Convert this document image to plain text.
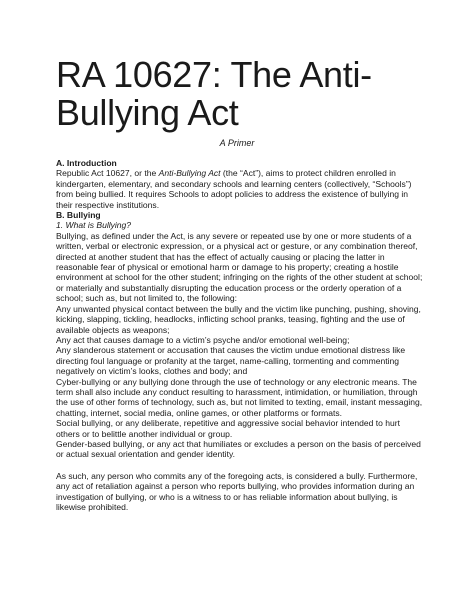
RA 10627: The Anti-Bullying Act

A Primer

A. Introduction

Republic Act 10627, or the Anti-Bullying Act (the “Act”), aims to protect children enrolled in kindergarten, elementary, and secondary schools and learning centers (collectively, “Schools”) from being bullied. It requires Schools to adopt policies to address the existence of bullying in their respective institutions.

B. Bullying

1. What is Bullying?

Bullying, as defined under the Act, is any severe or repeated use by one or more students of a written, verbal or electronic expression, or a physical act or gesture, or any combination thereof, directed at another student that has the effect of actually causing or placing the latter in reasonable fear of physical or emotional harm or damage to his property; creating a hostile environment at school for the other student; infringing on the rights of the other student at school; or materially and substantially disrupting the education process or the orderly operation of a school; such as, but not limited to, the following:

Any unwanted physical contact between the bully and the victim like punching, pushing, shoving, kicking, slapping, tickling, headlocks, inflicting school pranks, teasing, fighting and the use of available objects as weapons;

Any act that causes damage to a victim’s psyche and/or emotional well-being;

Any slanderous statement or accusation that causes the victim undue emotional distress like directing foul language or profanity at the target, name-calling, tormenting and commenting negatively on victim’s looks, clothes and body; and

Cyber-bullying or any bullying done through the use of technology or any electronic means. The term shall also include any conduct resulting to harassment, intimidation, or humiliation, through the use of other forms of technology, such as, but not limited to texting, email, instant messaging, chatting, internet, social media, online games, or other platforms or formats.

Social bullying, or any deliberate, repetitive and aggressive social behavior intended to hurt others or to belittle another individual or group.

Gender-based bullying, or any act that humiliates or excludes a person on the basis of perceived or actual sexual orientation and gender identity.

As such, any person who commits any of the foregoing acts, is considered a bully. Furthermore, any act of retaliation against a person who reports bullying, who provides information during an investigation of bullying, or who is a witness to or has reliable information about bullying, is likewise prohibited.
